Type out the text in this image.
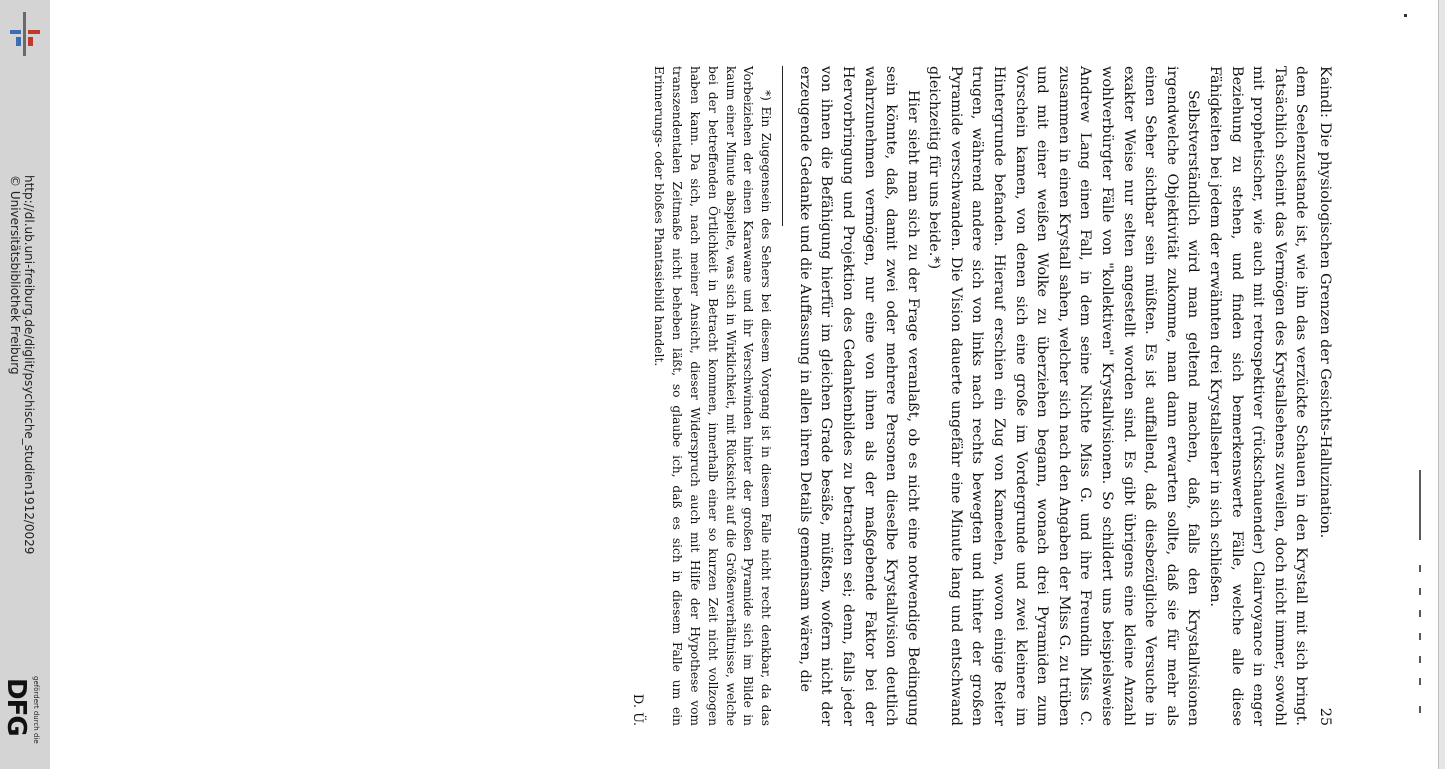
http://dl.ub.uni-freiburg.de/diglit/psychische_studien1912/0029
© Universitätsbibliothek Freiburg
gefördert durch die
DFG
Kaindl: Die physiologischen Grenzen der Gesichts-Halluzination.
25

dem Seelenzustande ist, wie ihn das verzückte Schauen in den Krystall mit sich bringt. Tatsächlich scheint das Vermögen des Krystallsehens zuweilen, doch nicht immer, sowohl mit prophetischer, wie auch mit retrospektiver (rückschauender) Clairvoyance in enger Beziehung zu stehen, und finden sich bemerkenswerte Fälle, welche alle diese Fähigkeiten bei jedem der erwähnten drei Krystallseher in sich schließen.

Selbstverständlich wird man geltend machen, daß, falls den Krystallvisionen irgendwelche Objektivität zukomme, man dann erwarten sollte, daß sie für mehr als einen Seher sichtbar sein müßten. Es ist auffallend, daß diesbezügliche Versuche in exakter Weise nur selten angestellt worden sind. Es gibt übrigens eine kleine Anzahl wohlverbürgter Fälle von "kollektiven" Krystallvisionen. So schildert uns beispielsweise Andrew Lang einen Fall, in dem seine Nichte Miss G. und ihre Freundin Miss C. zusammen in einen Krystall sahen, welcher sich nach den Angaben der Miss G. zu trüben und mit einer weißen Wolke zu überziehen begann, wonach drei Pyramiden zum Vorschein kamen, von denen sich eine große im Vordergrunde und zwei kleinere im Hintergrunde befanden. Hierauf erschien ein Zug von Kameelen, wovon einige Reiter trugen, während andere sich von links nach rechts bewegten und hinter der großen Pyramide verschwanden. Die Vision dauerte ungefähr eine Minute lang und entschwand gleichzeitig für uns beide.*)

Hier sieht man sich zu der Frage veranlaßt, ob es nicht eine notwendige Bedingung sein könnte, daß, damit zwei oder mehrere Personen dieselbe Krystallvision deutlich wahrzunehmen vermögen, nur eine von ihnen als der maßgebende Faktor bei der Hervorbringung und Projektion des Gedankenbildes zu betrachten sei; denn, falls jeder von ihnen die Befähigung hierfür im gleichen Grade besäße, müßten, wofern nicht der erzeugende Gedanke und die Auffassung in allen ihren Details gemeinsam wären, die

*) Ein Zugegensein des Sehers bei diesem Vorgang ist in diesem Falle nicht recht denkbar, da das Vorbeiziehen der einen Karawane und ihr Verschwinden hinter der großen Pyramide sich im Bilde in kaum einer Minute abspielte, was sich in Wirklichkeit, mit Rücksicht auf die Größenverhältnisse, welche bei der betreffenden Örtlichkeit in Betracht kommen, innerhalb einer so kurzen Zeit nicht vollzogen haben kann. Da sich, nach meiner Ansicht, dieser Widerspruch auch mit Hilfe der Hypothese vom transzendentalen Zeitmaße nicht beheben läßt, so glaube ich, daß es sich in diesem Falle um ein Erinnerungs- oder bloßes Phantasiebild handelt.

D. Ü.
